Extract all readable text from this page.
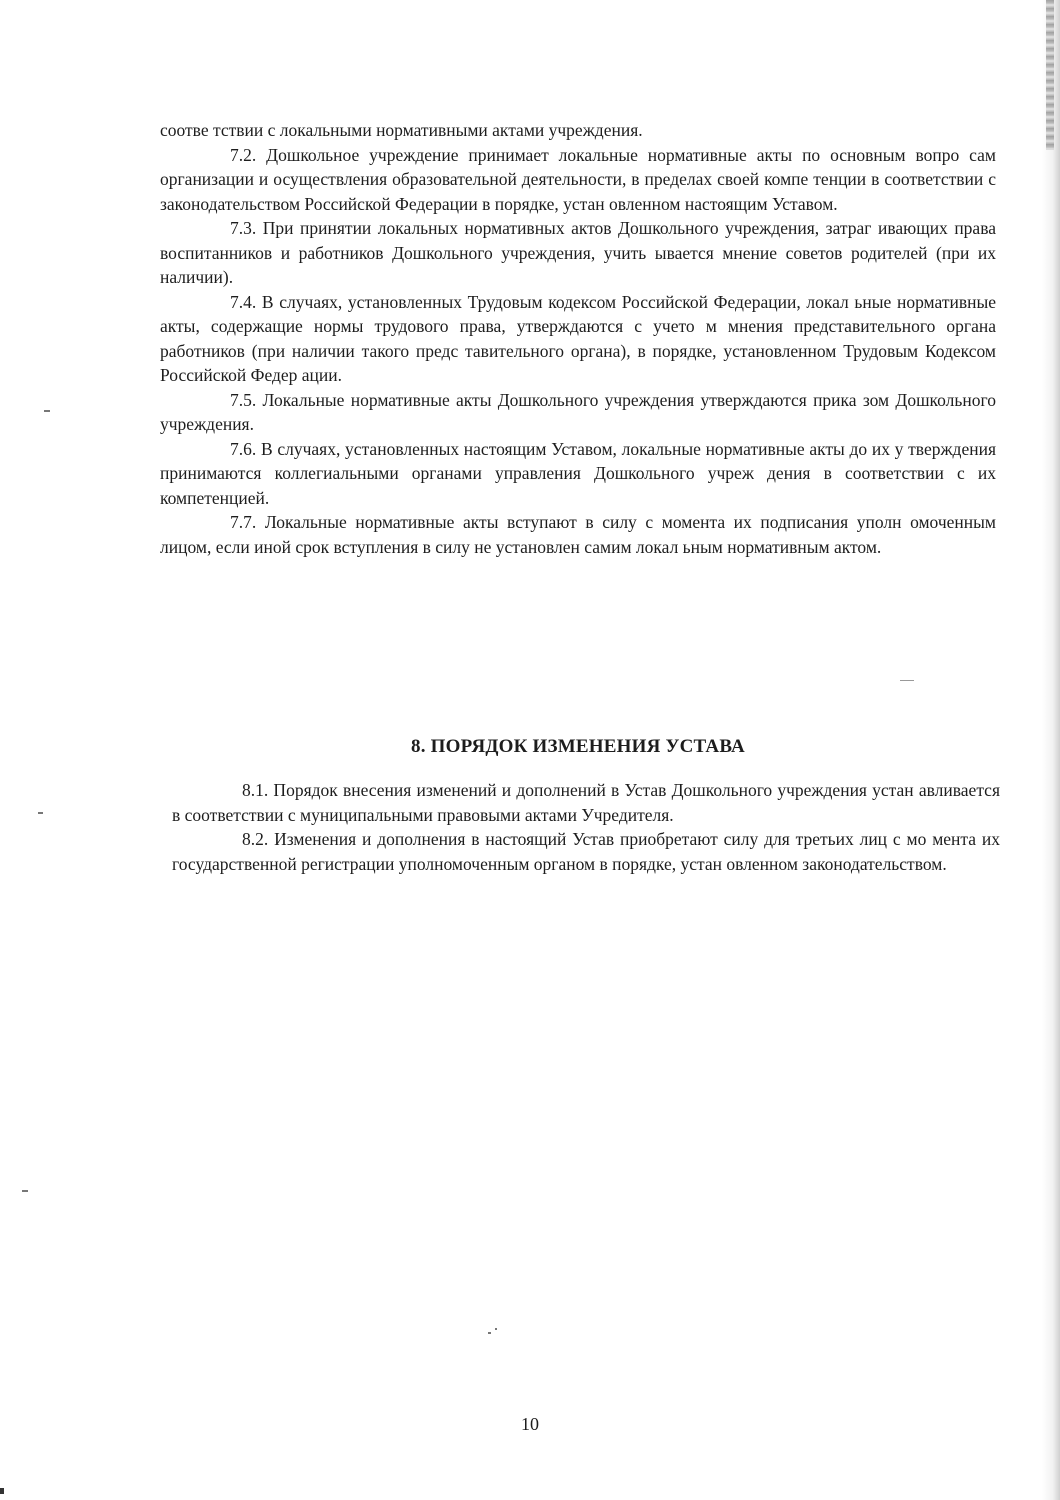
соотве тствии с локальными нормативными актами учреждения.

7.2. Дошкольное учреждение принимает локальные нормативные акты по основным вопро сам организации и осуществления образовательной деятельности, в пределах своей компе тенции в соответствии с законодательством Российской Федерации в порядке, устан овленном настоящим Уставом.

7.3. При принятии локальных нормативных актов Дошкольного учреждения, затраг ивающих права воспитанников и работников Дошкольного учреждения, учить ывается мнение советов родителей (при их наличии).

7.4. В случаях, установленных Трудовым кодексом Российской Федерации, локал ьные нормативные акты, содержащие нормы трудового права, утверждаются с учето м мнения представительного органа работников (при наличии такого предс тавительного органа), в порядке, установленном Трудовым Кодексом Российской Федер ации.

7.5. Локальные нормативные акты Дошкольного учреждения утверждаются прика зом Дошкольного учреждения.

7.6. В случаях, установленных настоящим Уставом, локальные нормативные акты до их у тверждения принимаются коллегиальными органами управления Дошкольного учреж дения в соответствии с их компетенцией.

7.7. Локальные нормативные акты вступают в силу с момента их подписания уполн омоченным лицом, если иной срок вступления в силу не установлен самим локал ьным нормативным актом.

8. ПОРЯДОК ИЗМЕНЕНИЯ УСТАВА

8.1. Порядок внесения изменений и дополнений в Устав Дошкольного учреждения устан авливается в соответствии с муниципальными правовыми актами Учредителя.

8.2. Изменения и дополнения в настоящий Устав приобретают силу для третьих лиц с мо мента их государственной регистрации уполномоченным органом в порядке, устан овленном законодательством.

10
